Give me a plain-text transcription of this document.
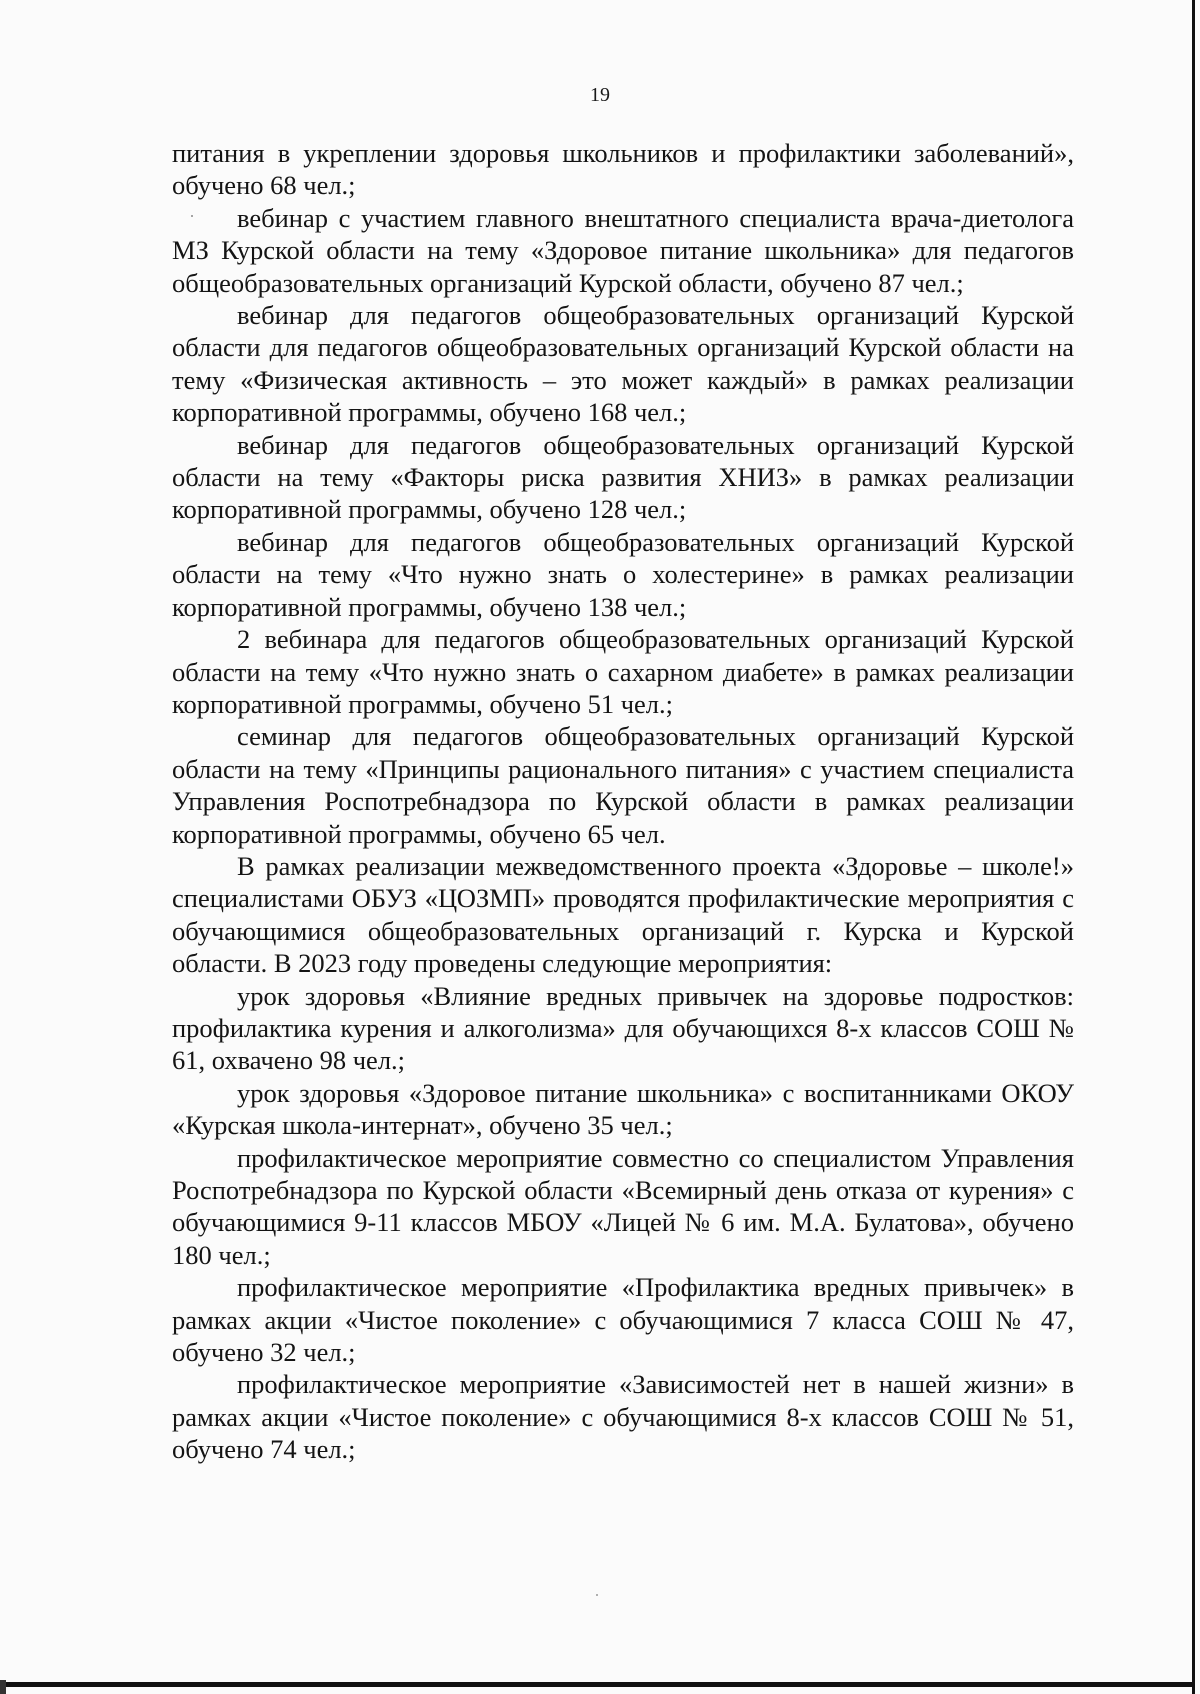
19

питания в укреплении здоровья школьников и профилактики заболеваний», обучено 68 чел.;

вебинар с участием главного внештатного специалиста врача-диетолога МЗ Курской области на тему «Здоровое питание школьника» для педагогов общеобразовательных организаций Курской области, обучено 87 чел.;

вебинар для педагогов общеобразовательных организаций Курской области для педагогов общеобразовательных организаций Курской области на тему «Физическая активность – это может каждый» в рамках реализации корпоративной программы, обучено 168 чел.;

вебинар для педагогов общеобразовательных организаций Курской области на тему «Факторы риска развития ХНИЗ» в рамках реализации корпоративной программы, обучено 128 чел.;

вебинар для педагогов общеобразовательных организаций Курской области на тему «Что нужно знать о холестерине» в рамках реализации корпоративной программы, обучено 138 чел.;

2 вебинара для педагогов общеобразовательных организаций Курской области на тему «Что нужно знать о сахарном диабете» в рамках реализации корпоративной программы, обучено 51 чел.;

семинар для педагогов общеобразовательных организаций Курской области на тему «Принципы рационального питания» с участием специалиста Управления Роспотребнадзора по Курской области в рамках реализации корпоративной программы, обучено 65 чел.

В рамках реализации межведомственного проекта «Здоровье – школе!» специалистами ОБУЗ «ЦОЗМП» проводятся профилактические мероприятия с обучающимися общеобразовательных организаций г. Курска и Курской области. В 2023 году проведены следующие мероприятия:

урок здоровья «Влияние вредных привычек на здоровье подростков: профилактика курения и алкоголизма» для обучающихся 8-х классов СОШ № 61, охвачено 98 чел.;

урок здоровья «Здоровое питание школьника» с воспитанниками ОКОУ «Курская школа-интернат», обучено 35 чел.;

профилактическое мероприятие совместно со специалистом Управления Роспотребнадзора по Курской области «Всемирный день отказа от курения» с обучающимися 9-11 классов МБОУ «Лицей № 6 им. М.А. Булатова», обучено 180 чел.;

профилактическое мероприятие «Профилактика вредных привычек» в рамках акции «Чистое поколение» с обучающимися 7 класса СОШ № 47, обучено 32 чел.;

профилактическое мероприятие «Зависимостей нет в нашей жизни» в рамках акции «Чистое поколение» с обучающимися 8-х классов СОШ № 51, обучено 74 чел.;
